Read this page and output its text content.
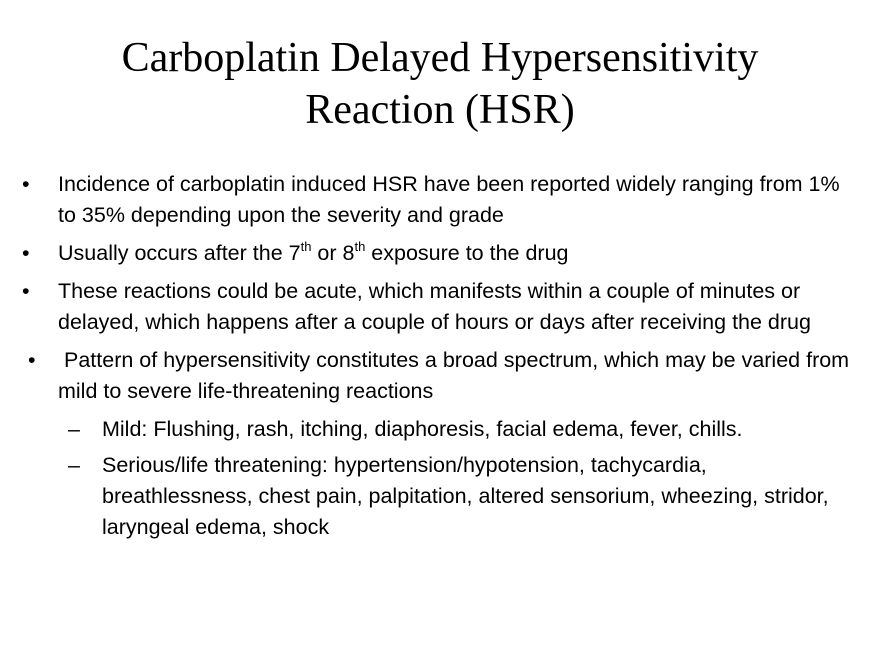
Carboplatin Delayed Hypersensitivity
Reaction (HSR)
• Incidence of carboplatin induced HSR have been reported widely ranging from 1% to 35% depending upon the severity and grade
• Usually occurs after the 7th or 8th exposure to the drug
• These reactions could be acute, which manifests within a couple of minutes or delayed, which happens after a couple of hours or days after receiving the drug
• Pattern of hypersensitivity constitutes a broad spectrum, which may be varied from mild to severe life-threatening reactions
– Mild: Flushing, rash, itching, diaphoresis, facial edema, fever, chills.
– Serious/life threatening: hypertension/hypotension, tachycardia, breathlessness, chest pain, palpitation, altered sensorium, wheezing, stridor, laryngeal edema, shock
